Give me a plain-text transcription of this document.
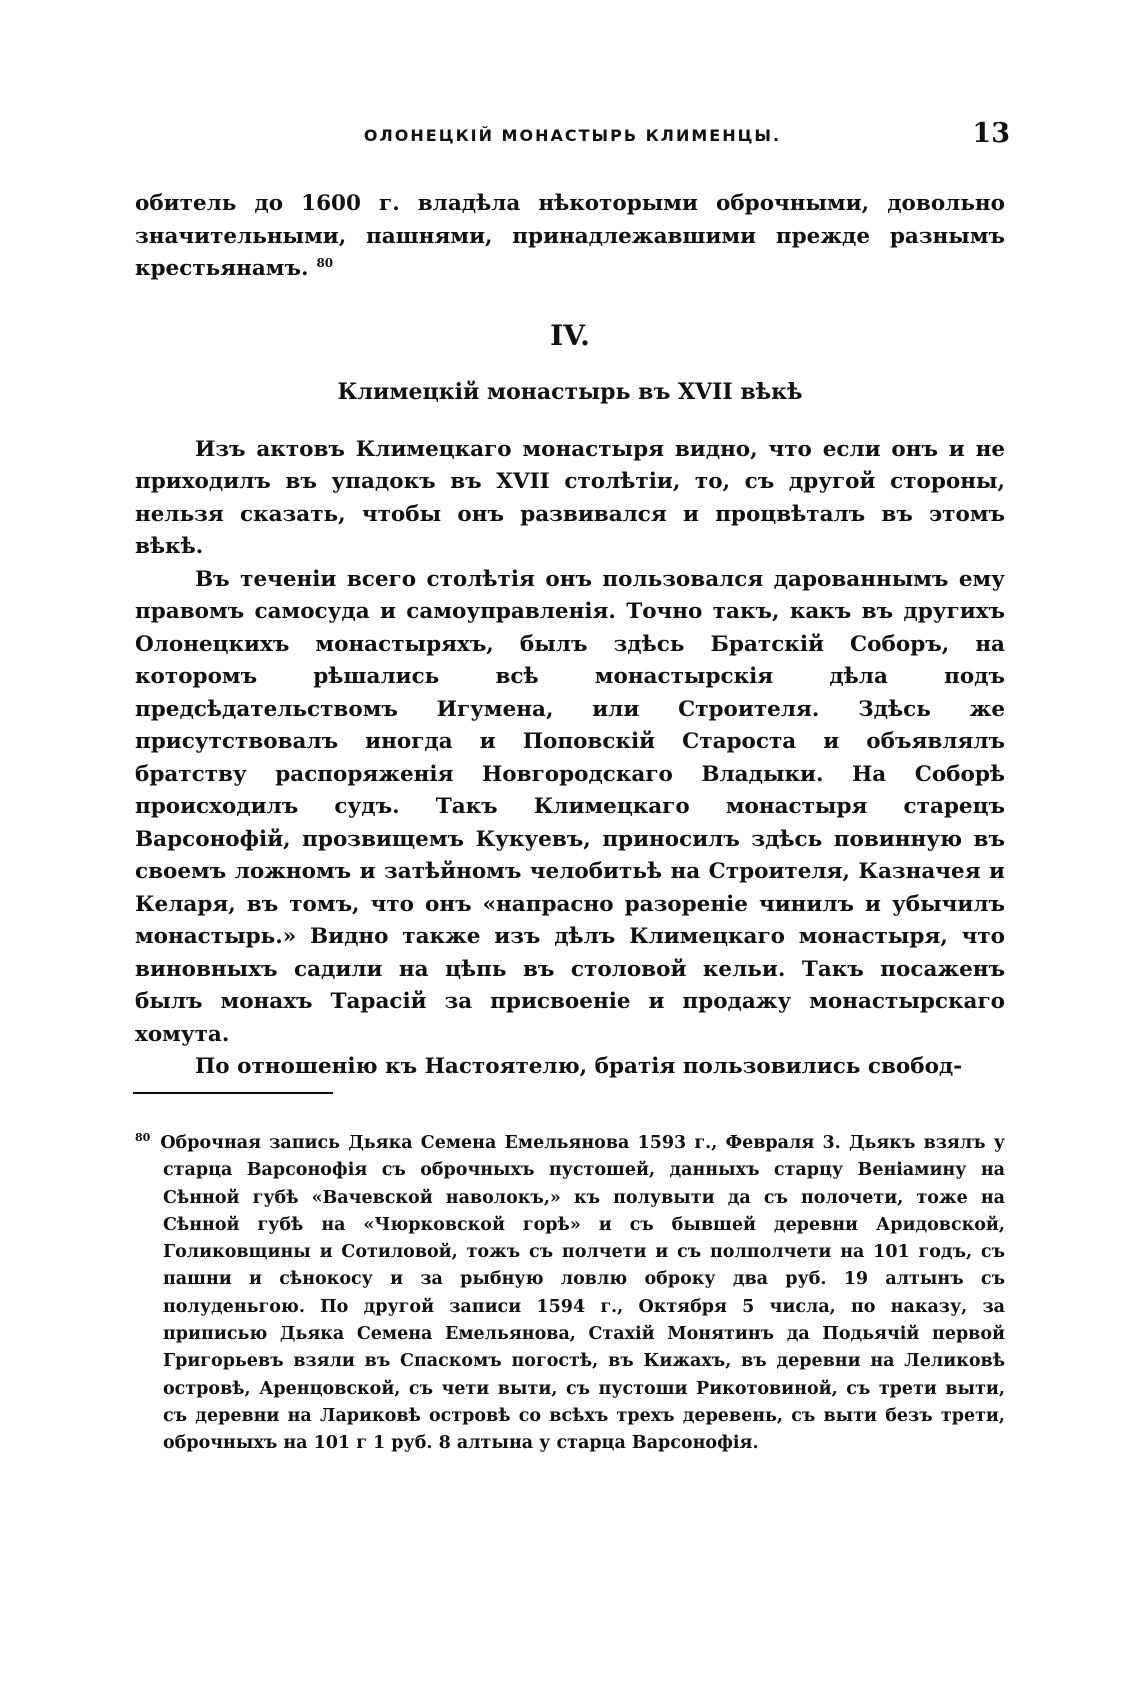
ОЛОНЕЦКІЙ МОНАСТЫРЬ КЛИМЕНЦЫ.	13

обитель до 1600 г. владѣла нѣкоторыми оброчными, довольно значительными, пашнями, принадлежавшими прежде разнымъ крестьянамъ. $^{80}$

IV.
Климецкій монастырь въ XVII вѣкѣ

Изъ актовъ Климецкаго монастыря видно, что если онъ и не приходилъ въ упадокъ въ XVII столѣтіи, то, съ другой стороны, нельзя сказать, чтобы онъ развивался и процвѣталъ въ этомъ вѣкѣ.

Въ теченіи всего столѣтія онъ пользовался дарованнымъ ему правомъ самосуда и самоуправленія. Точно такъ, какъ въ другихъ Олонецкихъ монастыряхъ, былъ здѣсь Братскій Соборъ, на которомъ рѣшались всѣ монастырскія дѣла подъ предсѣдательствомъ Игумена, или Строителя. Здѣсь же присутствовалъ иногда и Поповскій Староста и объявлялъ братству распоряженія Новгородскаго Владыки. На Соборѣ происходилъ судъ. Такъ Климецкаго монастыря старецъ Варсонофій, прозвищемъ Кукуевъ, приносилъ здѣсь повинную въ своемъ ложномъ и затѣйномъ челобитьѣ на Строителя, Казначея и Келаря, въ томъ, что онъ «напрасно разореніе чинилъ и убычилъ монастырь.» Видно также изъ дѣлъ Климецкаго монастыря, что виновныхъ садили на цѣпь въ столовой кельи. Такъ посаженъ былъ монахъ Тарасій за присвоеніе и продажу монастырскаго хомута.

По отношенію къ Настоятелю, братія пользовились свобод-

$^{80}$ Оброчная запись Дьяка Семена Емельянова 1593 г., Февраля 3. Дьякъ взялъ у старца Варсонофія съ оброчныхъ пустошей, данныхъ старцу Веніамину на Сѣнной губѣ «Вачевской наволокъ,» къ полувыти да съ полочети, тоже на Сѣнной губѣ на «Чюрковской горѣ» и съ бывшей деревни Аридовской, Голиковщины и Сотиловой, тожъ съ полчети и съ полполчети на 101 годъ, съ пашни и сѣнокосу и за рыбную ловлю оброку два руб. 19 алтынъ съ полуденьгою. По другой записи 1594 г., Октября 5 числа, по наказу, за приписью Дьяка Семена Емельянова, Стахій Монятинъ да Подьячій первой Григорьевъ взяли въ Спаскомъ погостѣ, въ Кижахъ, въ деревни на Леликовѣ островѣ, Аренцовской, съ чети выти, съ пустоши Рикотовиной, съ трети выти, съ деревни на Лариковѣ островѣ со всѣхъ трехъ деревень, съ выти безъ трети, оброчныхъ на 101 г 1 руб. 8 алтына у старца Варсонофія.
